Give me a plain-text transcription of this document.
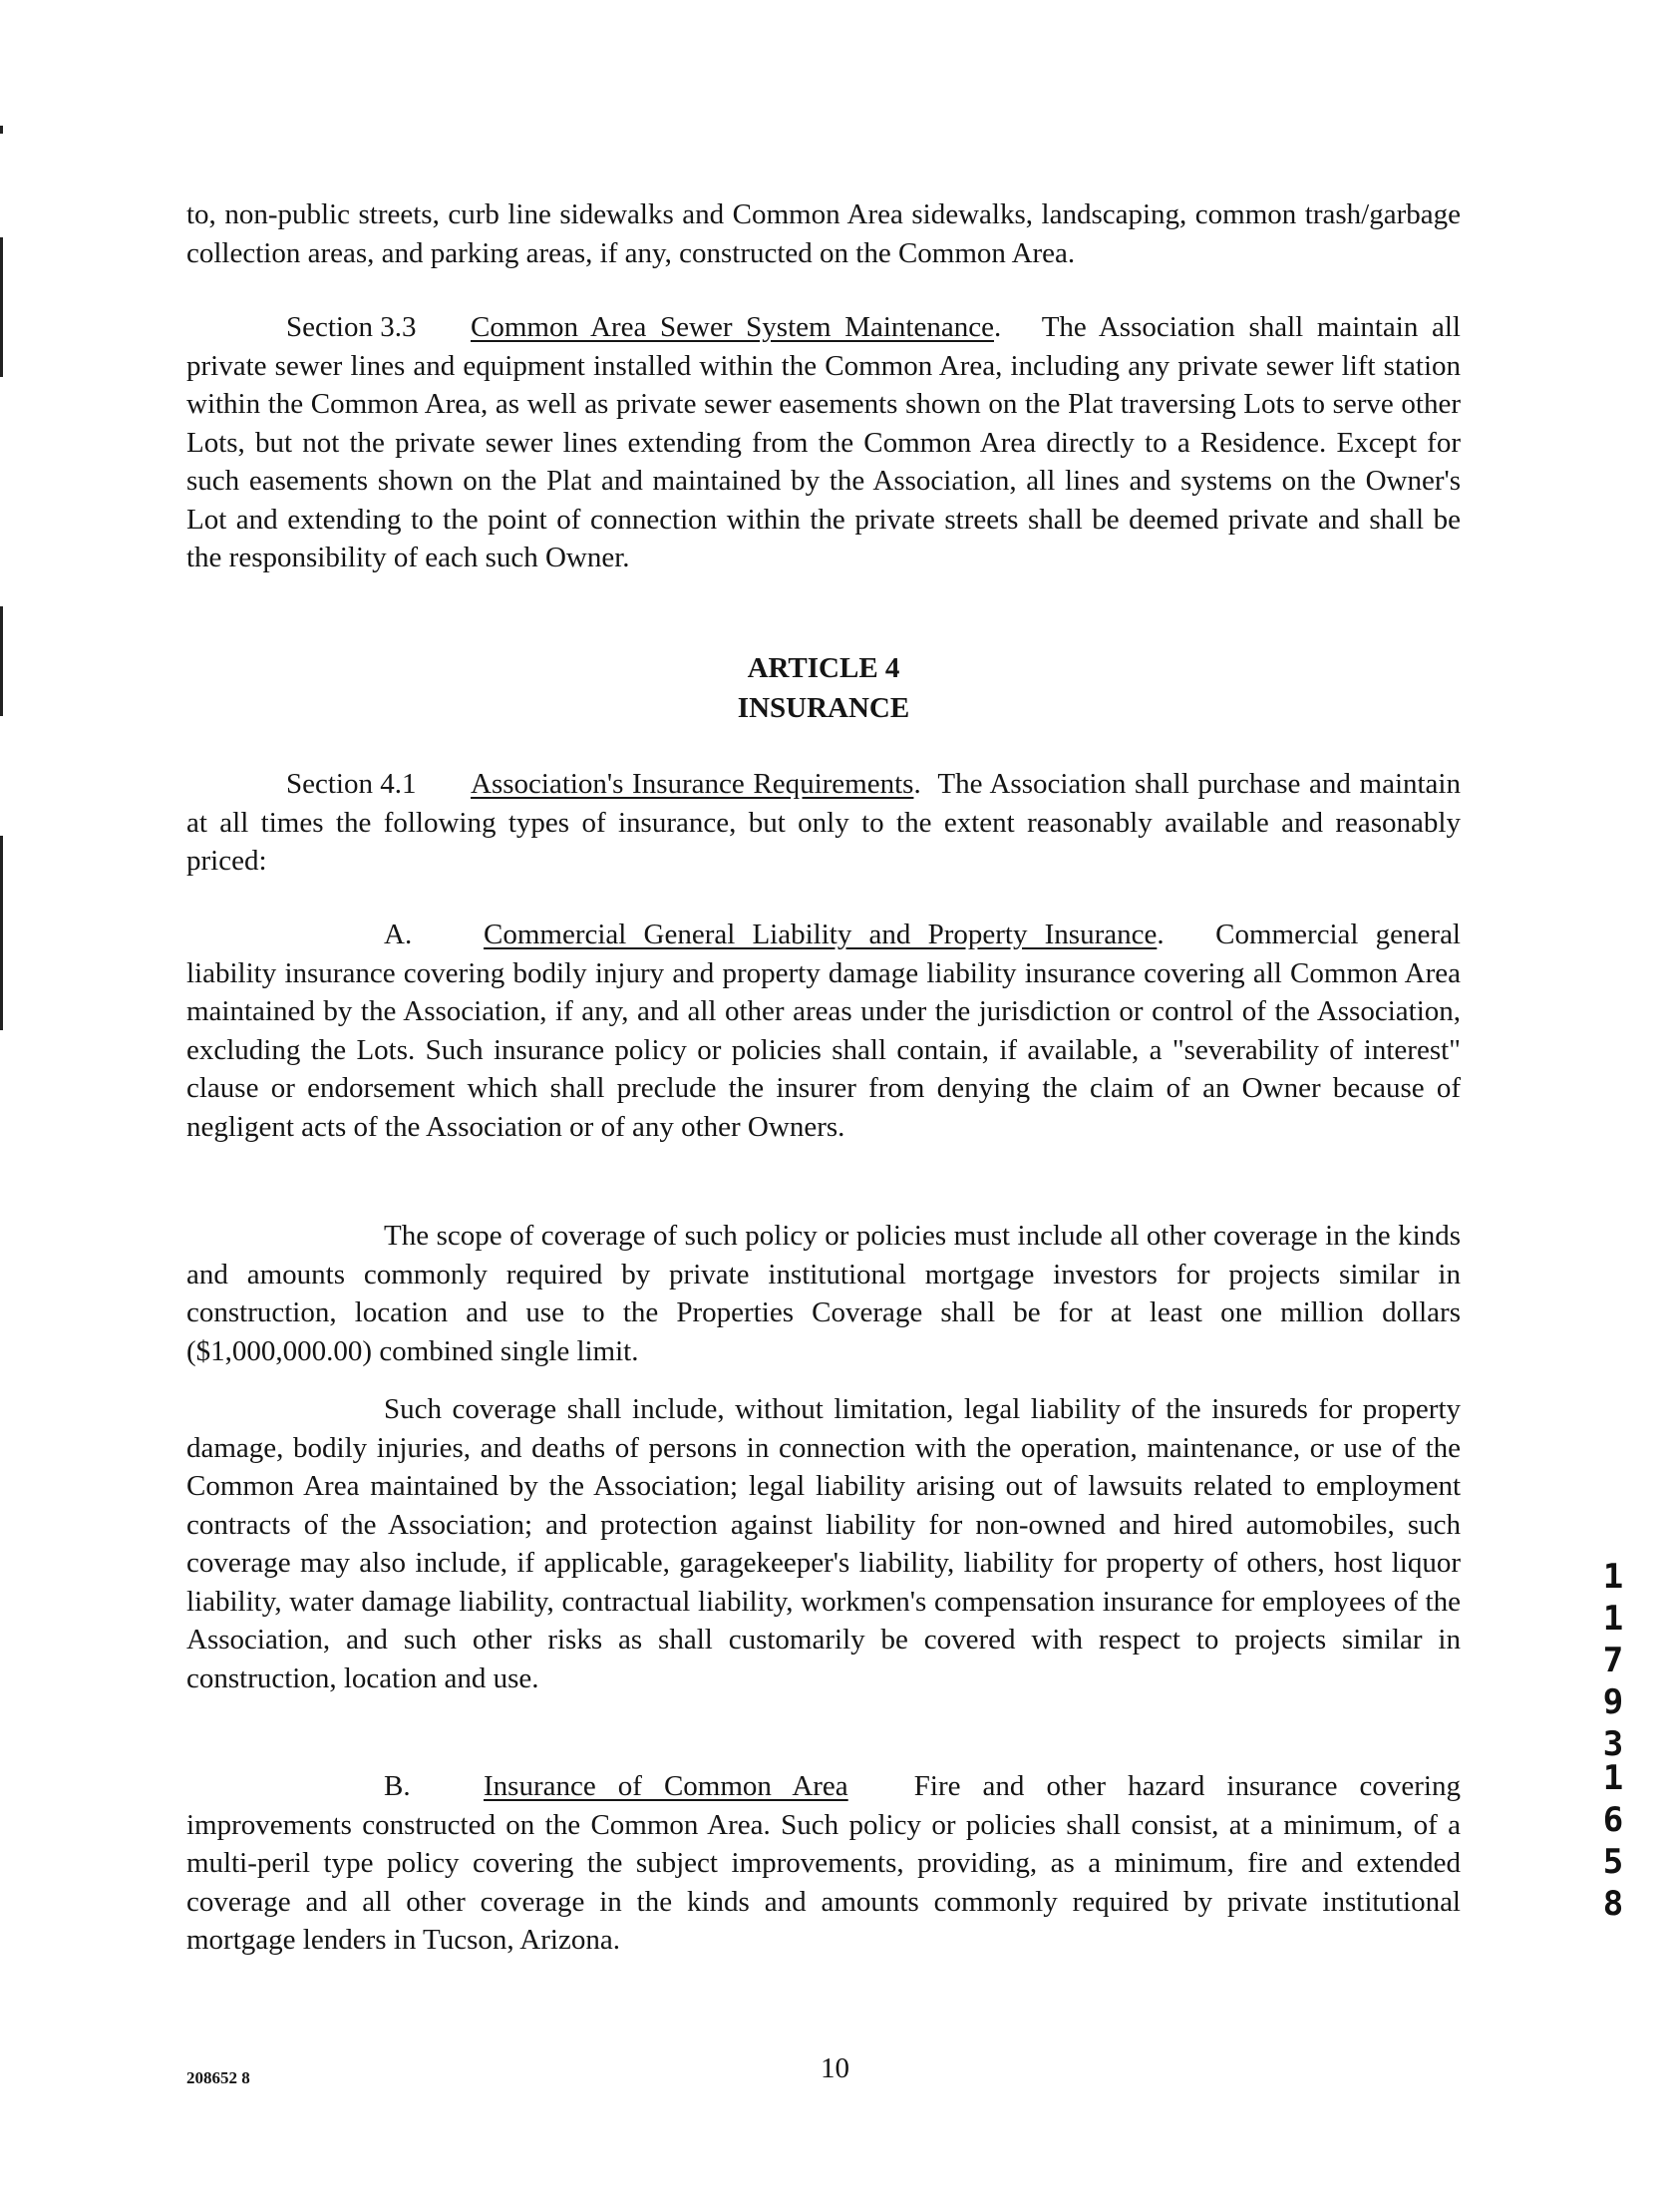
to, non-public streets, curb line sidewalks and Common Area sidewalks, landscaping, common trash/garbage collection areas, and parking areas, if any, constructed on the Common Area.

Section 3.3 Common Area Sewer System Maintenance.   The Association shall maintain all private sewer lines and equipment installed within the Common Area, including any private sewer lift station within the Common Area, as well as private sewer easements shown on the Plat traversing Lots to serve other Lots, but not the private sewer lines extending from the Common Area directly to a Residence. Except for such easements shown on the Plat and maintained by the Association, all lines and systems on the Owner's Lot and extending to the point of connection within the private streets shall be deemed private and shall be the responsibility of each such Owner.

ARTICLE 4

INSURANCE

Section 4.1 Association's Insurance Requirements.  The Association shall purchase and maintain at all times the following types of insurance, but only to the extent reasonably available and reasonably priced:

A. Commercial General Liability and Property Insurance.   Commercial general liability insurance covering bodily injury and property damage liability insurance covering all Common Area maintained by the Association, if any, and all other areas under the jurisdiction or control of the Association, excluding the Lots. Such insurance policy or policies shall contain, if available, a "severability of interest" clause or endorsement which shall preclude the insurer from denying the claim of an Owner because of negligent acts of the Association or of any other Owners.

The scope of coverage of such policy or policies must include all other coverage in the kinds and amounts commonly required by private institutional mortgage investors for projects similar in construction, location and use to the Properties Coverage shall be for at least one million dollars ($1,000,000.00) combined single limit.

Such coverage shall include, without limitation, legal liability of the insureds for property damage, bodily injuries, and deaths of persons in connection with the operation, maintenance, or use of the Common Area maintained by the Association; legal liability arising out of lawsuits related to employment contracts of the Association; and protection against liability for non-owned and hired automobiles, such coverage may also include, if applicable, garagekeeper's liability, liability for property of others, host liquor liability, water damage liability, contractual liability, workmen's compensation insurance for employees of the Association, and such other risks as shall customarily be covered with respect to projects similar in construction, location and use.

B.	Insurance of Common Area Fire and other hazard insurance covering improvements constructed on the Common Area. Such policy or policies shall consist, at a minimum, of a multi-peril type policy covering the subject improvements, providing, as a minimum, fire and extended coverage and all other coverage in the kinds and amounts commonly required by private institutional mortgage lenders in Tucson, Arizona.

1
1
7
9
3
1
6
5
8
208652 8	10
